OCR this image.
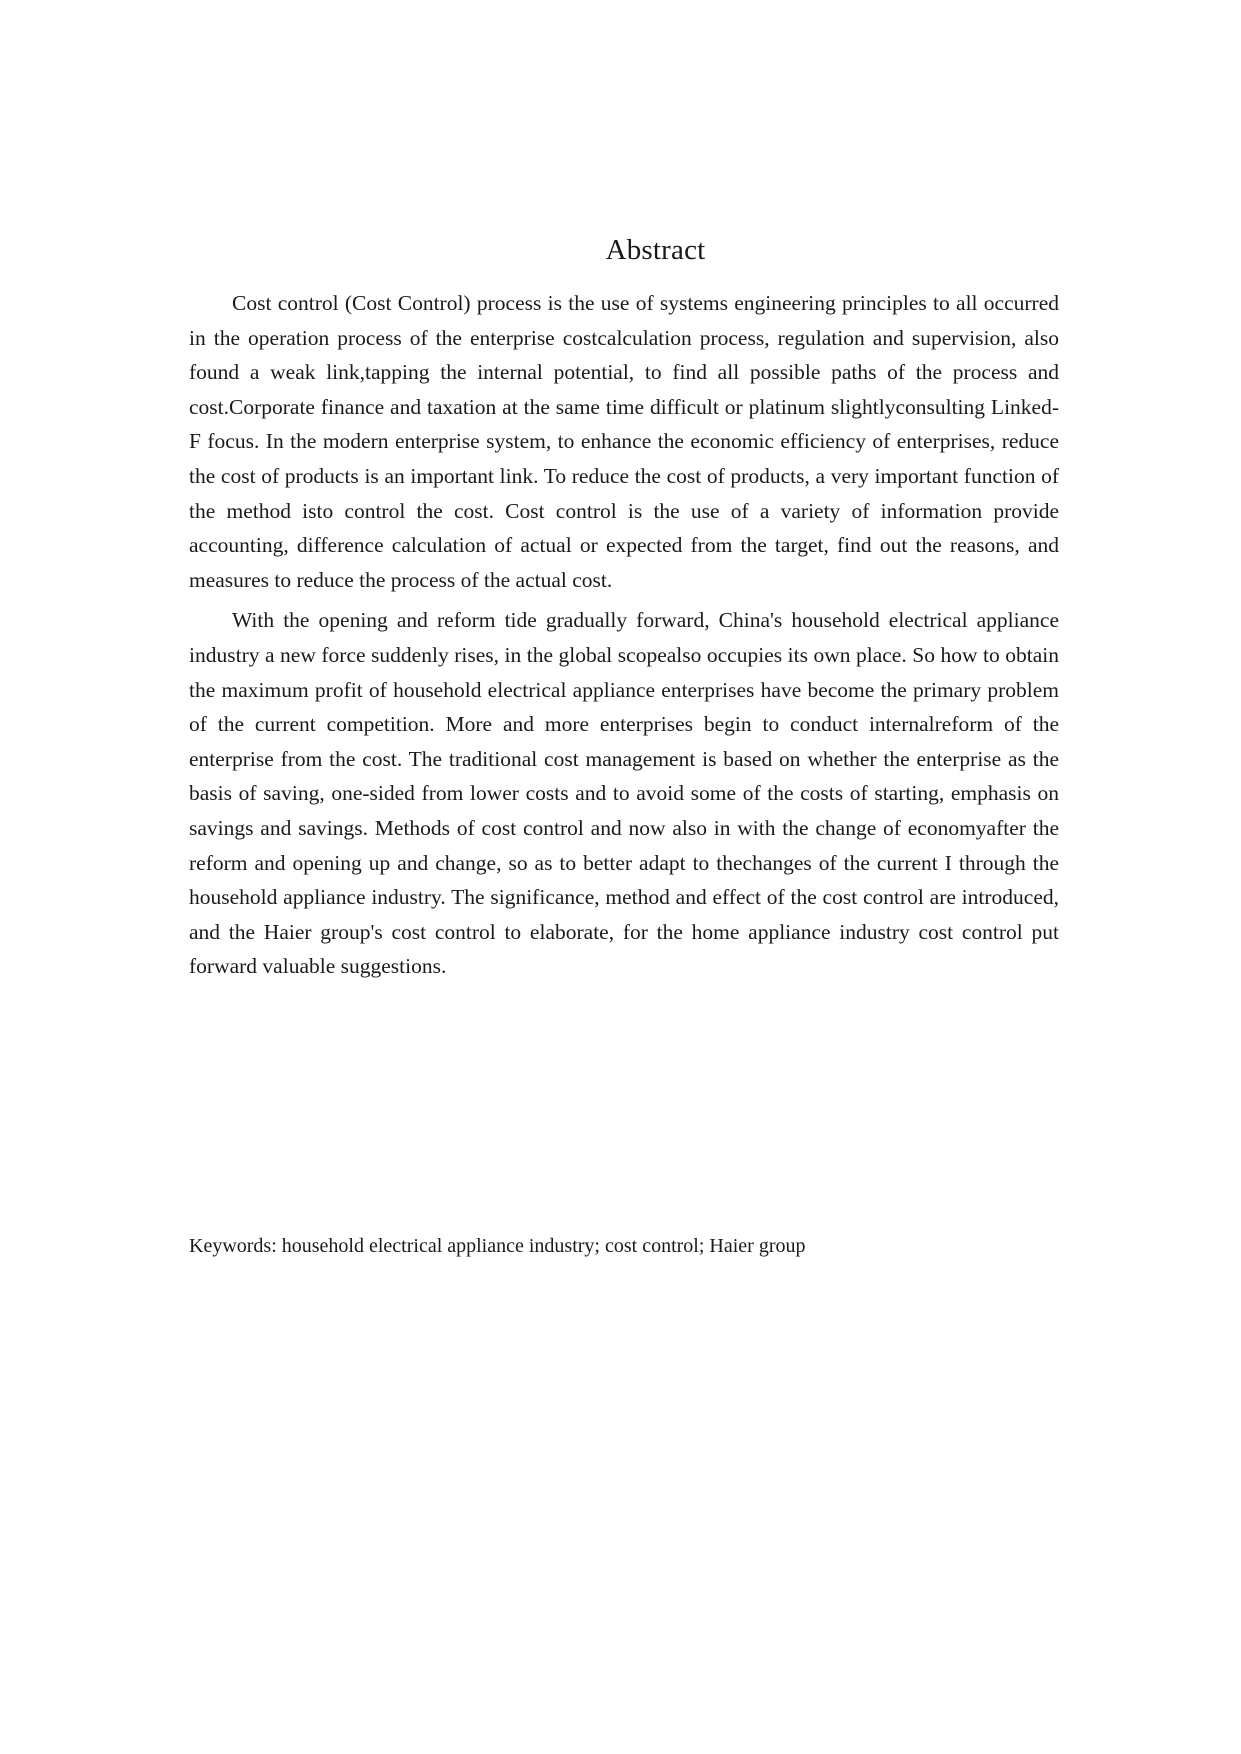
Abstract

Cost control (Cost Control) process is the use of systems engineering principles to all occurred in the operation process of the enterprise costcalculation process, regulation and supervision, also found a weak link,tapping the internal potential, to find all possible paths of the process and cost.Corporate finance and taxation at the same time difficult or platinum slightlyconsulting Linked-F focus. In the modern enterprise system, to enhance the economic efficiency of enterprises, reduce the cost of products is an important link. To reduce the cost of products, a very important function of the method isto control the cost. Cost control is the use of a variety of information provide accounting, difference calculation of actual or expected from the target, find out the reasons, and measures to reduce the process of the actual cost.

With the opening and reform tide gradually forward, China's household electrical appliance industry a new force suddenly rises, in the global scopealso occupies its own place. So how to obtain the maximum profit of household electrical appliance enterprises have become the primary problem of the current competition. More and more enterprises begin to conduct internalreform of the enterprise from the cost. The traditional cost management is based on whether the enterprise as the basis of saving, one-sided from lower costs and to avoid some of the costs of starting, emphasis on savings and savings. Methods of cost control and now also in with the change of economyafter the reform and opening up and change, so as to better adapt to thechanges of the current I through the household appliance industry. The significance, method and effect of the cost control are introduced, and the Haier group's cost control to elaborate, for the home appliance industry cost control put forward valuable suggestions.

Keywords: household electrical appliance industry; cost control; Haier group
